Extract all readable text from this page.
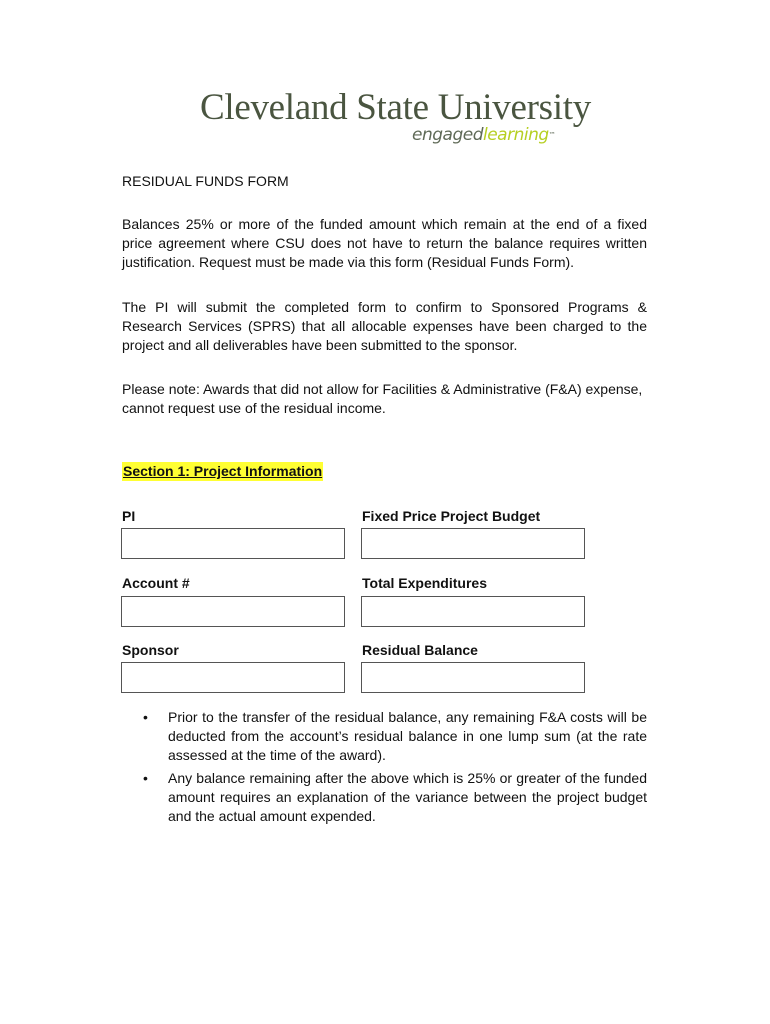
Cleveland State University
engagedlearning™

RESIDUAL FUNDS FORM

Balances 25% or more of the funded amount which remain at the end of a fixed price agreement where CSU does not have to return the balance requires written justification. Request must be made via this form (Residual Funds Form).

The PI will submit the completed form to confirm to Sponsored Programs & Research Services (SPRS) that all allocable expenses have been charged to the project and all deliverables have been submitted to the sponsor.

Please note: Awards that did not allow for Facilities & Administrative (F&A) expense, cannot request use of the residual income.

Section 1: Project Information
PI	Fixed Price Project Budget
Account #	Total Expenditures
Sponsor	Residual Balance
• Prior to the transfer of the residual balance, any remaining F&A costs will be deducted from the account’s residual balance in one lump sum (at the rate assessed at the time of the award).
• Any balance remaining after the above which is 25% or greater of the funded amount requires an explanation of the variance between the project budget and the actual amount expended.
